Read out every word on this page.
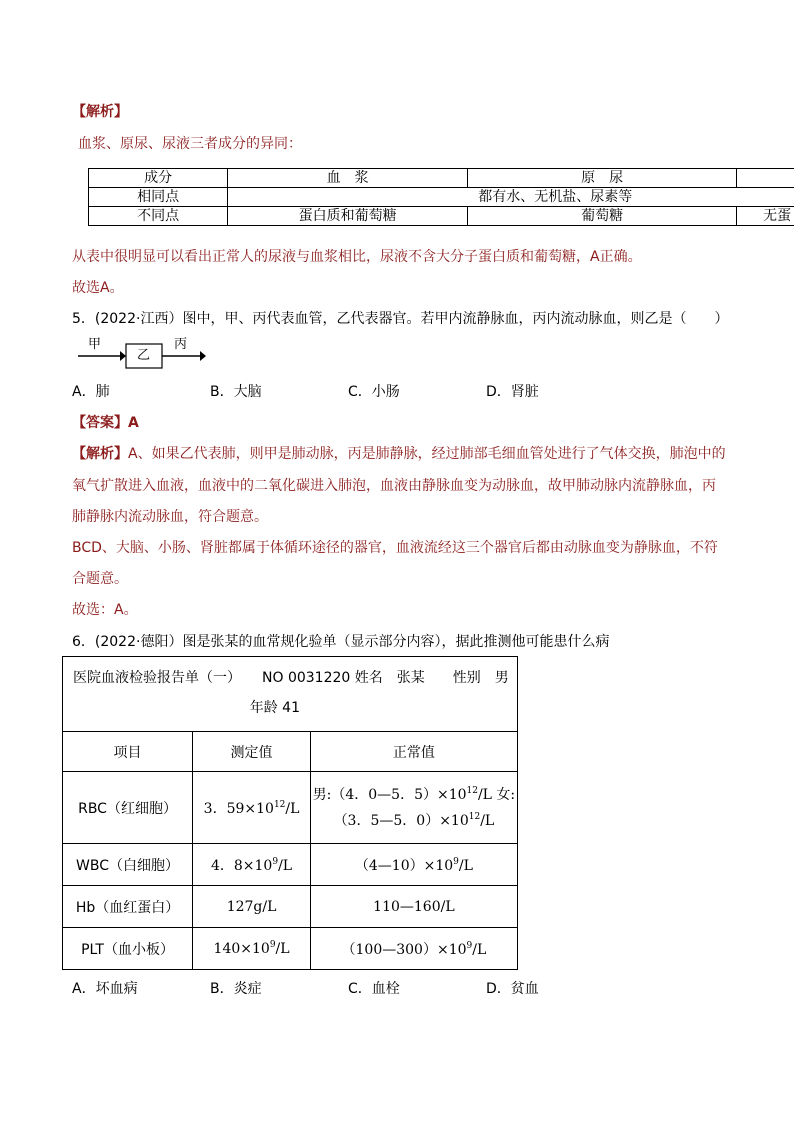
【解析】
血浆、原尿、尿液三者成分的异同：
成分	血　浆	原　尿	
相同点	都有水、无机盐、尿素等		
不同点	蛋白质和葡萄糖	葡萄糖	无蛋
从表中很明显可以看出正常人的尿液与血浆相比，尿液不含大分子蛋白质和葡萄糖，A正确。
故选A。
5．(2022·江西）图中，甲、丙代表血管，乙代表器官。若甲内流静脉血，丙内流动脉血，则乙是（　　）
甲
乙
丙
A．肺	B．大脑	C．小肠	D．肾脏
【答案】A
【解析】A、如果乙代表肺，则甲是肺动脉，丙是肺静脉，经过肺部毛细血管处进行了气体交换，肺泡中的
氧气扩散进入血液，血液中的二氧化碳进入肺泡，血液由静脉血变为动脉血，故甲肺动脉内流静脉血，丙
肺静脉内流动脉血，符合题意。
BCD、大脑、小肠、肾脏都属于体循环途径的器官，血液流经这三个器官后都由动脉血变为静脉血，不符
合题意。
故选：A。
6．(2022·德阳）图是张某的血常规化验单（显示部分内容），据此推测他可能患什么病
医院血液检验报告单（一）　　NO 0031220 姓名　张某　　性别　男
年龄 41		

项目	测定值	正常值
RBC（红细胞）	3．$59\times 10^{12}/L$	男:（4．0—5．$5)\times 10^{12}/L$ 女:
（3．5—5．$0)\times 10^{12}/L$

WBC（白细胞）	4．$8\times 10^9/L$	$(4—10)\times 10^9/L$
Hb（血红蛋白）	127g/L	110—160/L
PLT（血小板）	$140\times 10^9/L$	$(100—300)\times 10^9/L$
A．坏血病	B．炎症	C．血栓	D．贫血
